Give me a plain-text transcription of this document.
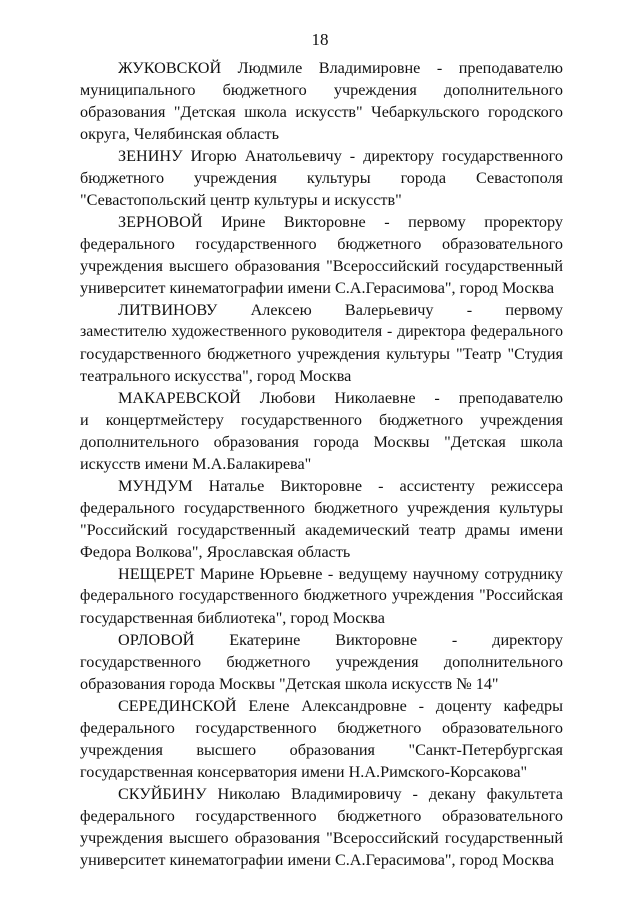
18
ЖУКОВСКОЙ Людмиле Владимировне - преподавателю
муниципального бюджетного учреждения дополнительного
образования "Детская школа искусств" Чебаркульского городского
округа, Челябинская область
ЗЕНИНУ Игорю Анатольевичу - директору государственного
бюджетного учреждения культуры города Севастополя
"Севастопольский центр культуры и искусств"
ЗЕРНОВОЙ Ирине Викторовне - первому проректору
федерального государственного бюджетного образовательного
учреждения высшего образования "Всероссийский государственный
университет кинематографии имени С.А.Герасимова", город Москва
ЛИТВИНОВУ Алексею Валерьевичу - первому
заместителю художественного руководителя - директора федерального
государственного бюджетного учреждения культуры "Театр "Студия
театрального искусства", город Москва
МАКАРЕВСКОЙ Любови Николаевне - преподавателю
и концертмейстеру государственного бюджетного учреждения
дополнительного образования города Москвы "Детская школа
искусств имени М.А.Балакирева"
МУНДУМ Наталье Викторовне - ассистенту режиссера
федерального государственного бюджетного учреждения культуры
"Российский государственный академический театр драмы имени
Федора Волкова", Ярославская область
НЕЩЕРЕТ Марине Юрьевне - ведущему научному сотруднику
федерального государственного бюджетного учреждения "Российская
государственная библиотека", город Москва
ОРЛОВОЙ Екатерине Викторовне - директору
государственного бюджетного учреждения дополнительного
образования города Москвы "Детская школа искусств № 14"
СЕРЕДИНСКОЙ Елене Александровне - доценту кафедры
федерального государственного бюджетного образовательного
учреждения высшего образования "Санкт-Петербургская
государственная консерватория имени Н.А.Римского-Корсакова"
СКУЙБИНУ Николаю Владимировичу - декану факультета
федерального государственного бюджетного образовательного
учреждения высшего образования "Всероссийский государственный
университет кинематографии имени С.А.Герасимова", город Москва
